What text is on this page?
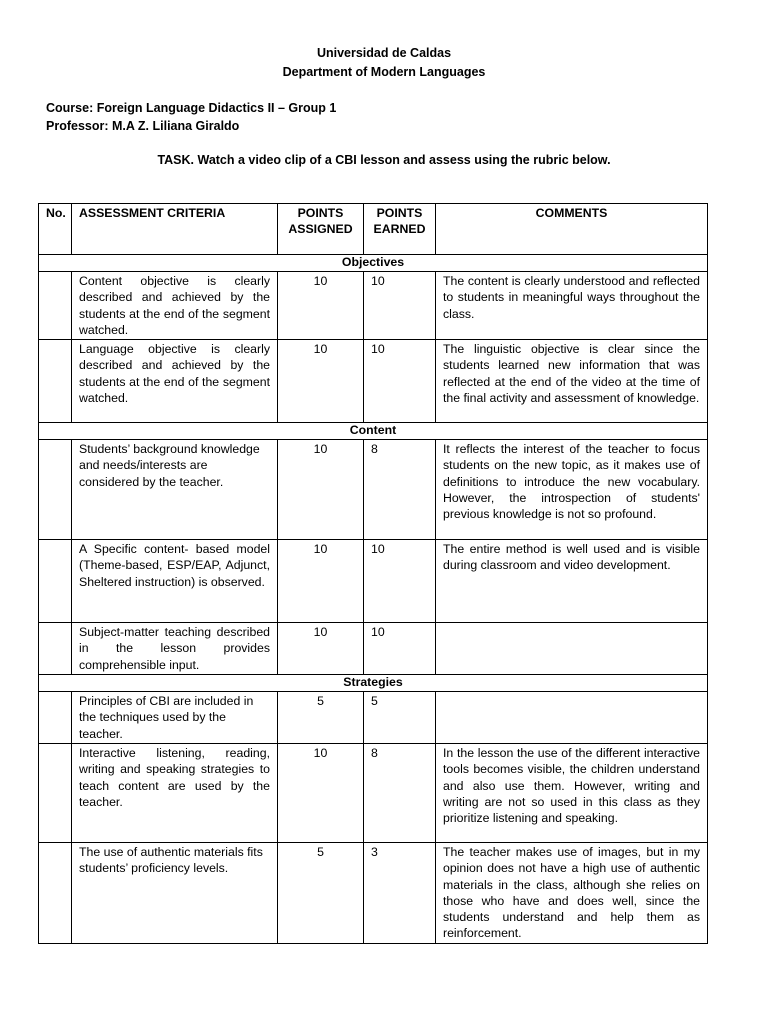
Universidad de Caldas
Department of Modern Languages
Course: Foreign Language Didactics II – Group 1
Professor: M.A Z. Liliana Giraldo
TASK. Watch a video clip of a CBI lesson and assess using the rubric below.
No.	ASSESSMENT CRITERIA	POINTS ASSIGNED	POINTS EARNED	COMMENTS
Objectives				
	Content objective is clearly described and achieved by the students at the end of the segment watched.	10	10	The content is clearly understood and reflected to students in meaningful ways throughout the class.
	Language objective is clearly described and achieved by the students at the end of the segment watched.	10	10	The linguistic objective is clear since the students learned new information that was reflected at the end of the video at the time of the final activity and assessment of knowledge.
Content				
	Students’ background knowledge and needs/interests are considered by the teacher.	10	8	It reflects the interest of the teacher to focus students on the new topic, as it makes use of definitions to introduce the new vocabulary. However, the introspection of students' previous knowledge is not so profound.
	A Specific content- based model (Theme-based, ESP/EAP, Adjunct, Sheltered instruction) is observed.	10	10	The entire method is well used and is visible during classroom and video development.
	Subject-matter teaching described in the lesson provides comprehensible input.	10	10	
Strategies				
	Principles of CBI are included in the techniques used by the teacher.	5	5	
	Interactive listening, reading, writing and speaking strategies to teach content are used by the teacher.	10	8	In the lesson the use of the different interactive tools becomes visible, the children understand and also use them. However, writing and writing are not so used in this class as they prioritize listening and speaking.
	The use of authentic materials fits students’ proficiency levels.	5	3	The teacher makes use of images, but in my opinion does not have a high use of authentic materials in the class, although she relies on those who have and does well, since the students understand and help them as reinforcement.
